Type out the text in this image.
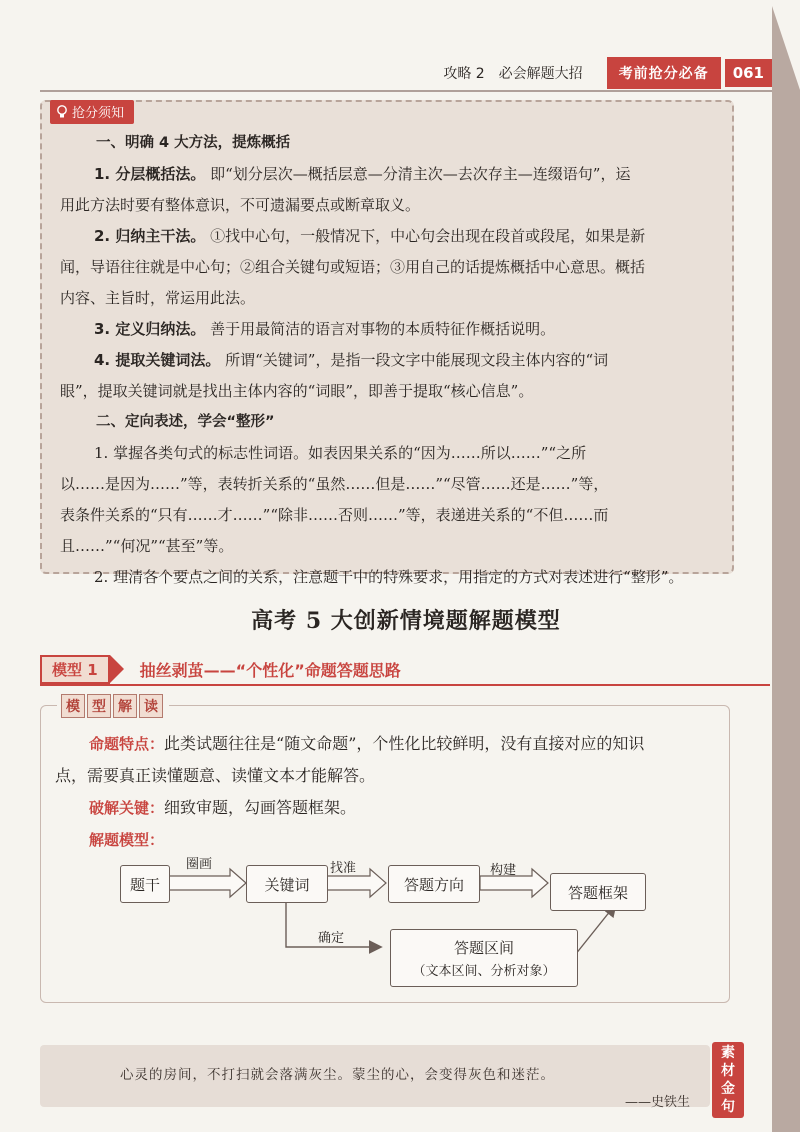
攻略 2　必会解题大招	考前抢分必备	061
抢分须知

一、明确 4 大方法，提炼概括

1. 分层概括法。 即“划分层次—概括层意—分清主次—去次存主—连缀语句”，运

用此方法时要有整体意识，不可遗漏要点或断章取义。

2. 归纳主干法。 ①找中心句，一般情况下，中心句会出现在段首或段尾，如果是新

闻，导语往往就是中心句；②组合关键句或短语；③用自己的话提炼概括中心意思。概括

内容、主旨时，常运用此法。

3. 定义归纳法。 善于用最简洁的语言对事物的本质特征作概括说明。

4. 提取关键词法。 所谓“关键词”，是指一段文字中能展现文段主体内容的“词

眼”，提取关键词就是找出主体内容的“词眼”，即善于提取“核心信息”。

二、定向表述，学会“整形”

1. 掌握各类句式的标志性词语。如表因果关系的“因为……所以……”“之所

以……是因为……”等，表转折关系的“虽然……但是……”“尽管……还是……”等，

表条件关系的“只有……才……”“除非……否则……”等，表递进关系的“不但……而

且……”“何况”“甚至”等。

2. 理清各个要点之间的关系，注意题干中的特殊要求，用指定的方式对表述进行“整形”。

高考 5 大创新情境题解题模型
模型 1	抽丝剥茧——“个性化”命题答题思路
模 型 解 读

命题特点：此类试题往往是“随文命题”，个性化比较鲜明，没有直接对应的知识

点，需要真正读懂题意、读懂文本才能解答。

破解关键：细致审题，勾画答题框架。

解题模型：

题干	关键词	答题方向	答题框架
答题区间
（文本区间、分析对象）
圈画	找准	构建
确定
心灵的房间，不打扫就会落满灰尘。蒙尘的心，会变得灰色和迷茫。
——史铁生
素
材
金
句
